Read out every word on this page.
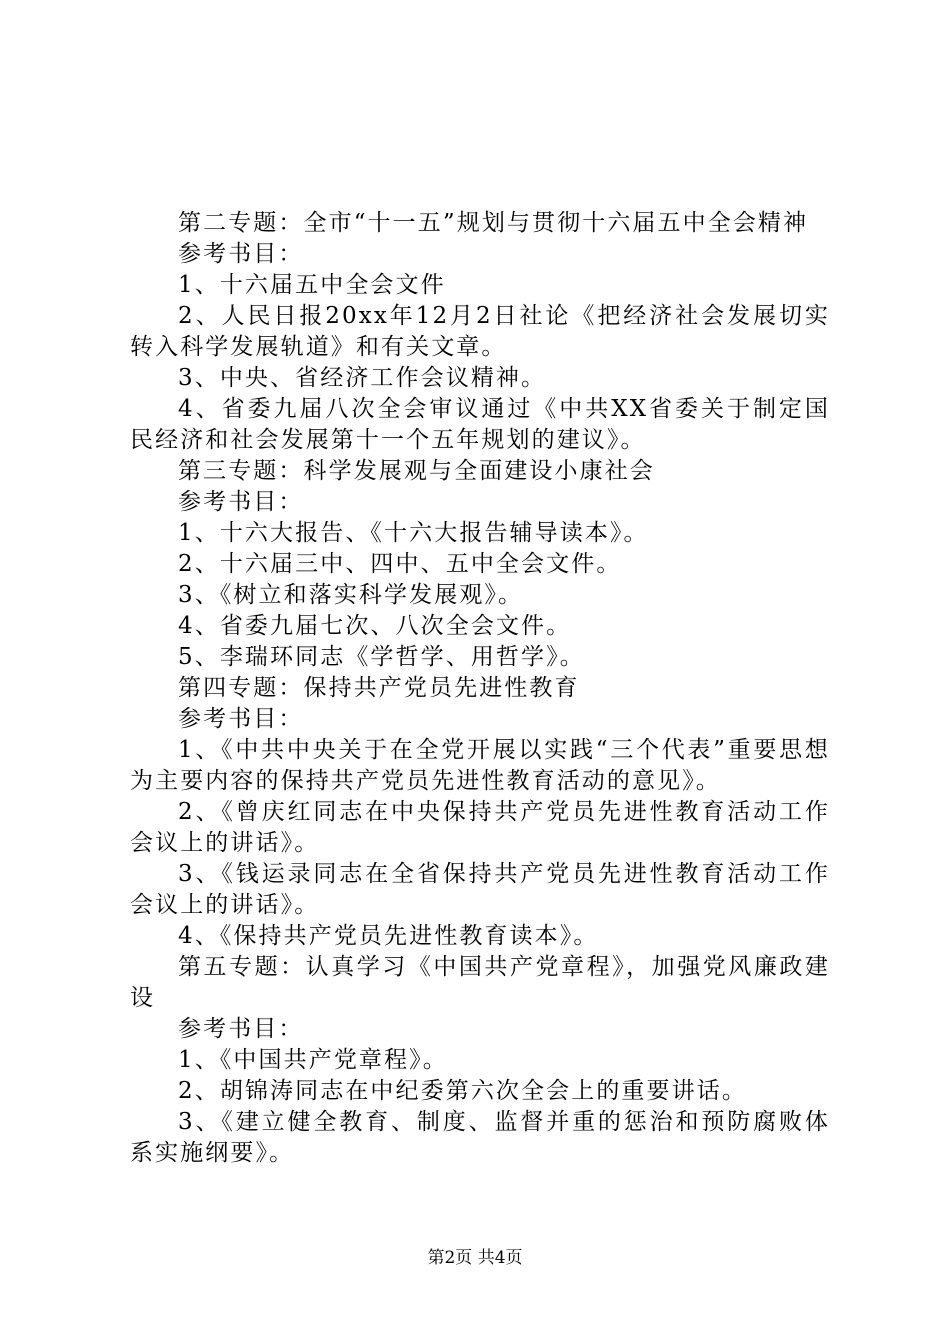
第二专题：全市“十一五”规划与贯彻十六届五中全会精神

参考书目：

1、十六届五中全会文件

2、人民日报20xx年12月2日社论《把经济社会发展切实转入科学发展轨道》和有关文章。

3、中央、省经济工作会议精神。

4、省委九届八次全会审议通过《中共XX省委关于制定国民经济和社会发展第十一个五年规划的建议》。

第三专题：科学发展观与全面建设小康社会

参考书目：

1、十六大报告、《十六大报告辅导读本》。

2、十六届三中、四中、五中全会文件。

3、《树立和落实科学发展观》。

4、省委九届七次、八次全会文件。

5、李瑞环同志《学哲学、用哲学》。

第四专题：保持共产党员先进性教育

参考书目：

1、《中共中央关于在全党开展以实践“三个代表”重要思想为主要内容的保持共产党员先进性教育活动的意见》。

2、《曾庆红同志在中央保持共产党员先进性教育活动工作会议上的讲话》。

3、《钱运录同志在全省保持共产党员先进性教育活动工作会议上的讲话》。

4、《保持共产党员先进性教育读本》。

第五专题：认真学习《中国共产党章程》，加强党风廉政建设

参考书目：

1、《中国共产党章程》。

2、胡锦涛同志在中纪委第六次全会上的重要讲话。

3、《建立健全教育、制度、监督并重的惩治和预防腐败体系实施纲要》。

第2页 共4页
